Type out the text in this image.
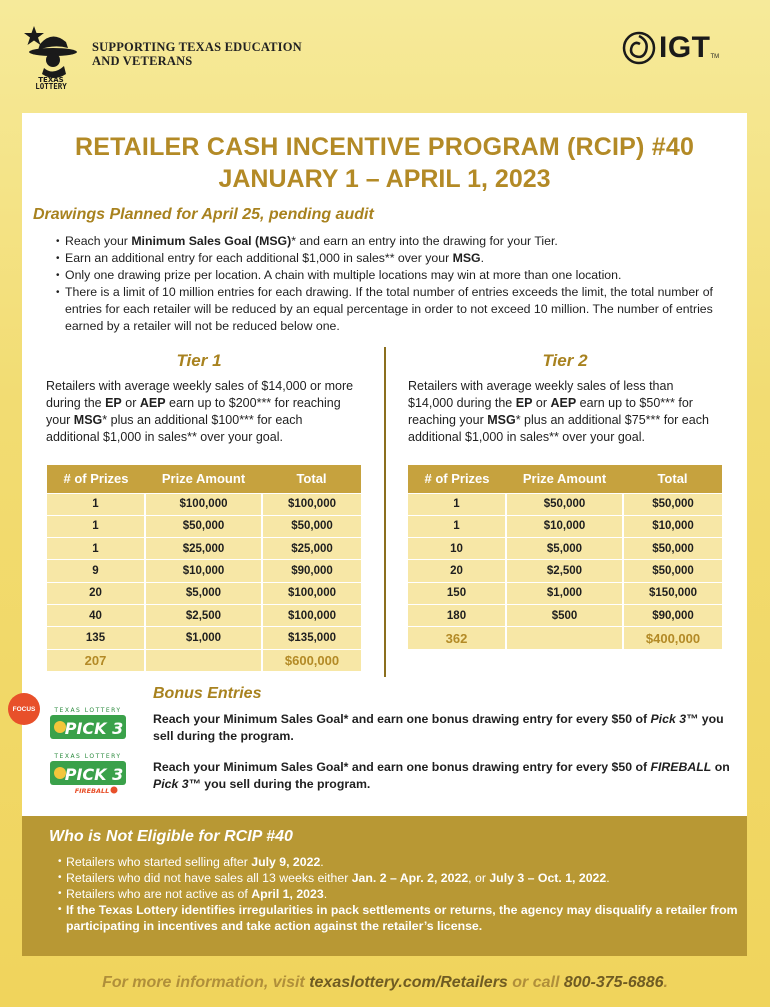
TEXAS
LOTTERY
SUPPORTING TEXAS EDUCATION
AND VETERANS	IGT TM
RETAILER CASH INCENTIVE PROGRAM (RCIP) #40
JANUARY 1 – APRIL 1, 2023
Drawings Planned for April 25, pending audit
• Reach your Minimum Sales Goal (MSG)* and earn an entry into the drawing for your Tier.
• Earn an additional entry for each additional $1,000 in sales** over your MSG.
• Only one drawing prize per location. A chain with multiple locations may win at more than one location.
• There is a limit of 10 million entries for each drawing. If the total number of entries exceeds the limit, the total number of entries for each retailer will be reduced by an equal percentage in order to not exceed 10 million. The number of entries earned by a retailer will not be reduced below one.
Tier 1
Retailers with average weekly sales of $14,000 or more during the EP or AEP earn up to $200*** for reaching your MSG* plus an additional $100*** for each additional $1,000 in sales** over your goal.
# of Prizes	Prize Amount	Total
1	$100,000	$100,000
1	$50,000	$50,000
1	$25,000	$25,000
9	$10,000	$90,000
20	$5,000	$100,000
40	$2,500	$100,000
135	$1,000	$135,000
207		$600,000
Tier 2
Retailers with average weekly sales of less than $14,000 during the EP or AEP earn up to $50*** for reaching your MSG* plus an additional $75*** for each additional $1,000 in sales** over your goal.
# of Prizes	Prize Amount	Total
1	$50,000	$50,000
1	$10,000	$10,000
10	$5,000	$50,000
20	$2,500	$50,000
150	$1,000	$150,000
180	$500	$90,000
362		$400,000
FOCUS
Bonus Entries
TEXAS LOTTERY
PICK 3 Reach your Minimum Sales Goal* and earn one bonus drawing entry for every $50 of Pick 3™ you sell during the program.
TEXAS LOTTERY
PICK 3
FIREBALL
Reach your Minimum Sales Goal* and earn one bonus drawing entry for every $50 of FIREBALL on Pick 3™ you sell during the program.
Who is Not Eligible for RCIP #40
• Retailers who started selling after July 9, 2022.
• Retailers who did not have sales all 13 weeks either Jan. 2 – Apr. 2, 2022, or July 3 – Oct. 1, 2022.
• Retailers who are not active as of April 1, 2023.
• If the Texas Lottery identifies irregularities in pack settlements or returns, the agency may disqualify a retailer from participating in incentives and take action against the retailer’s license.
For more information, visit texaslottery.com/Retailers or call 800-375-6886.
